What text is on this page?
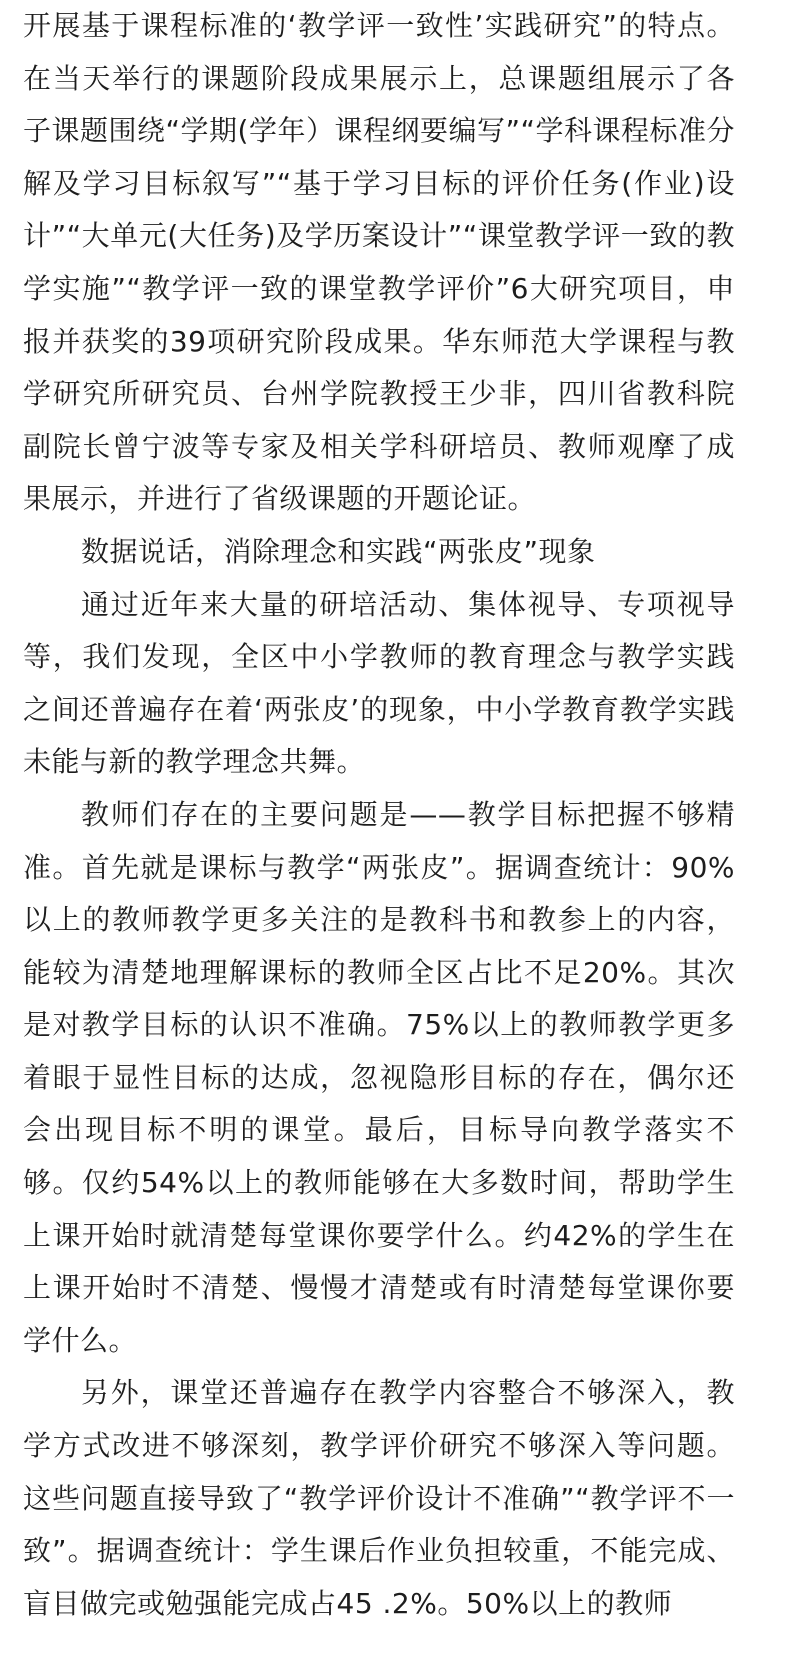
开展基于课程标准的‘教学评一致性’实践研究”的特点。在当天举行的课题阶段成果展示上，总课题组展示了各子课题围绕“学期(学年）课程纲要编写”“学科课程标准分解及学习目标叙写”“基于学习目标的评价任务(作业)设计”“大单元(大任务)及学历案设计”“课堂教学评一致的教学实施”“教学评一致的课堂教学评价”6大研究项目，申报并获奖的39项研究阶段成果。华东师范大学课程与教学研究所研究员、台州学院教授王少非，四川省教科院副院长曾宁波等专家及相关学科研培员、教师观摩了成果展示，并进行了省级课题的开题论证。

数据说话，消除理念和实践“两张皮”现象

通过近年来大量的研培活动、集体视导、专项视导等，我们发现，全区中小学教师的教育理念与教学实践之间还普遍存在着‘两张皮’的现象，中小学教育教学实践未能与新的教学理念共舞。

教师们存在的主要问题是——教学目标把握不够精准。首先就是课标与教学“两张皮”。据调查统计：90%以上的教师教学更多关注的是教科书和教参上的内容，能较为清楚地理解课标的教师全区占比不足20%。其次是对教学目标的认识不准确。75%以上的教师教学更多着眼于显性目标的达成，忽视隐形目标的存在，偶尔还会出现目标不明的课堂。最后，目标导向教学落实不够。仅约54%以上的教师能够在大多数时间，帮助学生上课开始时就清楚每堂课你要学什么。约42%的学生在上课开始时不清楚、慢慢才清楚或有时清楚每堂课你要学什么。

另外，课堂还普遍存在教学内容整合不够深入，教学方式改进不够深刻，教学评价研究不够深入等问题。这些问题直接导致了“教学评价设计不准确”“教学评不一致”。据调查统计：学生课后作业负担较重，不能完成、盲目做完或勉强能完成占45 .2%。50%以上的教师
